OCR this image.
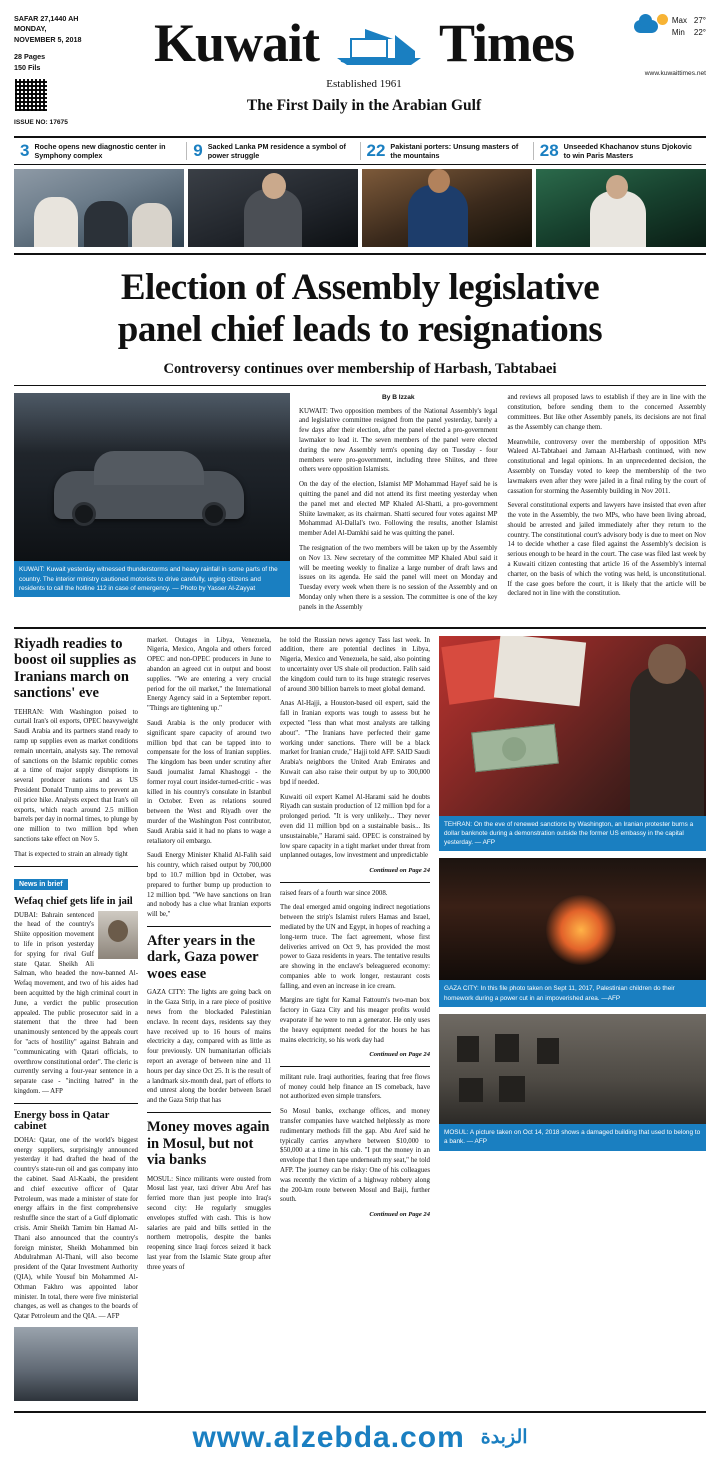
SAFAR 27,1440 AH
MONDAY,
NOVEMBER 5, 2018
28 Pages
150 Fils
ISSUE NO: 17675
Kuwait Times
Established 1961
The First Daily in the Arabian Gulf
Max 27°
Min 22°
www.kuwaittimes.net
3 Roche opens new diagnostic center in Symphony complex	9 Sacked Lanka PM residence a symbol of power struggle	22 Pakistani porters: Unsung masters of the mountains	28 Unseeded Khachanov stuns Djokovic to win Paris Masters
Election of Assembly legislative
panel chief leads to resignations
Controversy continues over membership of Harbash, Tabtabaei
KUWAIT: Kuwait yesterday witnessed thunderstorms and heavy rainfall in some parts of the country. The interior ministry cautioned motorists to drive carefully, urging citizens and residents to call the hotline 112 in case of emergency. — Photo by Yasser Al-Zayyat
By B Izzak

KUWAIT: Two opposition members of the National Assembly's legal and legislative committee resigned from the panel yesterday, barely a few days after their election, after the panel elected a pro-government lawmaker to lead it. The seven members of the panel were elected during the new Assembly term's opening day on Tuesday - four members were pro-government, including three Shiites, and three others were opposition Islamists.

On the day of the election, Islamist MP Mohammad Hayef said he is quitting the panel and did not attend its first meeting yesterday when the panel met and elected MP Khaled Al-Shatti, a pro-government Shiite lawmaker, as its chairman. Shatti secured four votes against MP Mohammad Al-Dallal's two. Following the results, another Islamist member Adel Al-Damkhi said he was quitting the panel.

The resignation of the two members will be taken up by the Assembly on Nov 13. New secretary of the committee MP Khaled Abul said it will be meeting weekly to finalize a large number of draft laws and issues on its agenda. He said the panel will meet on Monday and Tuesday every week when there is no session of the Assembly and on Monday only when there is a session. The committee is one of the key panels in the Assembly

and reviews all proposed laws to establish if they are in line with the constitution, before sending them to the concerned Assembly committees. But like other Assembly panels, its decisions are not final as the Assembly can change them.

Meanwhile, controversy over the membership of opposition MPs Waleed Al-Tabtabaei and Jamaan Al-Harbash continued, with new constitutional and legal opinions. In an unprecedented decision, the Assembly on Tuesday voted to keep the membership of the two lawmakers even after they were jailed in a final ruling by the court of cassation for storming the Assembly building in Nov 2011.

Several constitutional experts and lawyers have insisted that even after the vote in the Assembly, the two MPs, who have been living abroad, should be arrested and jailed immediately after they return to the country. The constitutional court's advisory body is due to meet on Nov 14 to decide whether a case filed against the Assembly's decision is serious enough to be heard in the court. The case was filed last week by a Kuwaiti citizen contesting that article 16 of the Assembly's internal charter, on the basis of which the voting was held, is unconstitutional. If the case goes before the court, it is likely that the article will be declared not in line with the constitution.

Riyadh readies to boost oil supplies as Iranians march on sanctions' eve

TEHRAN: With Washington poised to curtail Iran's oil exports, OPEC heavyweight Saudi Arabia and its partners stand ready to ramp up supplies even as market conditions remain uncertain, analysts say. The removal of sanctions on the Islamic republic comes at a time of major supply disruptions in several producer nations and as US President Donald Trump aims to prevent an oil price hike. Analysts expect that Iran's oil exports, which reach around 2.5 million barrels per day in normal times, to plunge by one million to two million bpd when sanctions take effect on Nov 5.

That is expected to strain an already tight

News in brief
Wefaq chief gets life in jail

DUBAI: Bahrain sentenced the head of the country's Shiite opposition movement to life in prison yesterday for spying for rival Gulf state Qatar. Sheikh Ali Salman, who headed the now-banned Al-Wefaq movement, and two of his aides had been acquitted by the high criminal court in June, a verdict the public prosecution appealed. The public prosecutor said in a statement that the three had been unanimously sentenced by the appeals court for "acts of hostility" against Bahrain and "communicating with Qatari officials, to overthrow constitutional order". The cleric is currently serving a four-year sentence in a separate case - "inciting hatred" in the kingdom. — AFP

Energy boss in Qatar cabinet

DOHA: Qatar, one of the world's biggest energy suppliers, surprisingly announced yesterday it had drafted the head of the country's state-run oil and gas company into the cabinet. Saad Al-Kaabi, the president and chief executive officer of Qatar Petroleum, was made a minister of state for energy affairs in the first comprehensive reshuffle since the start of a Gulf diplomatic crisis. Amir Sheikh Tamim bin Hamad Al-Thani also announced that the country's foreign minister, Sheikh Mohammed bin Abdulrahman Al-Thani, will also become president of the Qatar Investment Authority (QIA), while Yousuf bin Mohammed Al-Othman Fakhro was appointed labor minister. In total, there were five ministerial changes, as well as changes to the boards of Qatar Petroleum and the QIA. — AFP

market. Outages in Libya, Venezuela, Nigeria, Mexico, Angola and others forced OPEC and non-OPEC producers in June to abandon an agreed cut in output and boost supplies. "We are entering a very crucial period for the oil market," the International Energy Agency said in a September report. "Things are tightening up."

Saudi Arabia is the only producer with significant spare capacity of around two million bpd that can be tapped into to compensate for the loss of Iranian supplies. The kingdom has been under scrutiny after Saudi journalist Jamal Khashoggi - the former royal court insider-turned-critic - was killed in his country's consulate in Istanbul in October. Even as relations soured between the West and Riyadh over the murder of the Washington Post contributor, Saudi Arabia said it had no plans to wage a retaliatory oil embargo.

Saudi Energy Minister Khalid Al-Falih said his country, which raised output by 700,000 bpd to 10.7 million bpd in October, was prepared to further bump up production to 12 million bpd. "We have sanctions on Iran and nobody has a clue what Iranian exports will be,"

After years in the dark, Gaza power woes ease

GAZA CITY: The lights are going back on in the Gaza Strip, in a rare piece of positive news from the blockaded Palestinian enclave. In recent days, residents say they have received up to 16 hours of mains electricity a day, compared with as little as four previously. UN humanitarian officials report an average of between nine and 11 hours per day since Oct 25. It is the result of a landmark six-month deal, part of efforts to end unrest along the border between Israel and the Gaza Strip that has

Money moves again in Mosul, but not via banks

MOSUL: Since militants were ousted from Mosul last year, taxi driver Abu Aref has ferried more than just people into Iraq's second city: He regularly smuggles envelopes stuffed with cash. This is how salaries are paid and bills settled in the northern metropolis, despite the banks reopening since Iraqi forces seized it back last year from the Islamic State group after three years of

he told the Russian news agency Tass last week. In addition, there are potential declines in Libya, Nigeria, Mexico and Venezuela, he said, also pointing to uncertainty over US shale oil production. Falih said the kingdom could turn to its huge strategic reserves of around 300 billion barrels to meet global demand.

Anas Al-Hajji, a Houston-based oil expert, said the fall in Iranian exports was tough to assess but he expected "less than what most analysts are talking about". "The Iranians have perfected their game working under sanctions. There will be a black market for Iranian crude," Hajji told AFP. SAID Saudi Arabia's neighbors the United Arab Emirates and Kuwait can also raise their output by up to 300,000 bpd if needed.

Kuwaiti oil expert Kamel Al-Harami said he doubts Riyadh can sustain production of 12 million bpd for a prolonged period. "It is very unlikely... They never even did 11 million bpd on a sustainable basis... Its unsustainable," Harami said. OPEC is constrained by low spare capacity in a tight market under threat from unplanned outages, low investment and unpredictable

Continued on Page 24

raised fears of a fourth war since 2008.

The deal emerged amid ongoing indirect negotiations between the strip's Islamist rulers Hamas and Israel, mediated by the UN and Egypt, in hopes of reaching a long-term truce. The fact agreement, whose first deliveries arrived on Oct 9, has provided the most power to Gaza residents in years. The tentative results are showing in the enclave's beleaguered economy: companies able to work longer, restaurant costs falling, and even an increase in ice cream.

Margins are tight for Kamal Fattoum's two-man box factory in Gaza City and his meager profits would evaporate if he were to run a generator. He only uses the heavy equipment needed for the hours he has mains electricity, so his work day had

Continued on Page 24

militant rule. Iraqi authorities, fearing that free flows of money could help finance an IS comeback, have not authorized even simple transfers.

So Mosul banks, exchange offices, and money transfer companies have watched helplessly as more rudimentary methods fill the gap. Abu Aref said he typically carries anywhere between $10,000 to $50,000 at a time in his cab. "I put the money in an envelope that I then tape underneath my seat," he told AFP. The journey can be risky: One of his colleagues was recently the victim of a highway robbery along the 200-km route between Mosul and Baiji, further south.

Continued on Page 24
TEHRAN: On the eve of renewed sanctions by Washington, an Iranian protester burns a dollar banknote during a demonstration outside the former US embassy in the capital yesterday. — AFP
GAZA CITY: In this file photo taken on Sept 11, 2017, Palestinian children do their homework during a power cut in an impoverished area. —AFP
MOSUL: A picture taken on Oct 14, 2018 shows a damaged building that used to belong to a bank. — AFP
www.alzebda.com الزبدة
